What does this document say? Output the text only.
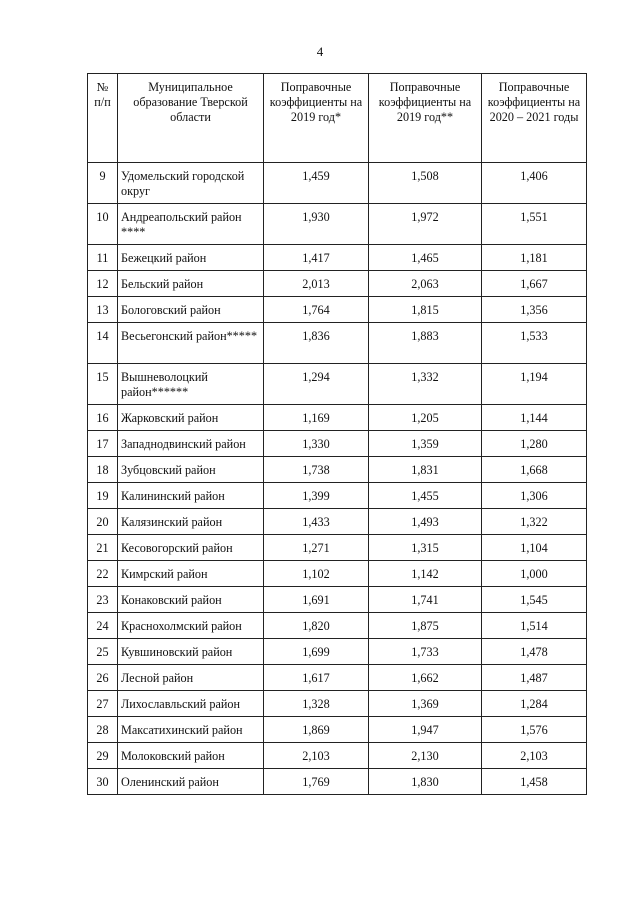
4
№ п/п	Муниципальное образование Тверской области	Поправочные коэффициенты на 2019 год*	Поправочные коэффициенты на 2019 год**	Поправочные коэффициенты на 2020 – 2021 годы
9	Удомельский городской округ	1,459	1,508	1,406
10	Андреапольский район ****	1,930	1,972	1,551
11	Бежецкий район	1,417	1,465	1,181
12	Бельский район	2,013	2,063	1,667
13	Бологовский район	1,764	1,815	1,356
14	Весьегонский район*****	1,836	1,883	1,533
15	Вышневолоцкий район******	1,294	1,332	1,194
16	Жарковский район	1,169	1,205	1,144
17	Западнодвинский район	1,330	1,359	1,280
18	Зубцовский район	1,738	1,831	1,668
19	Калининский район	1,399	1,455	1,306
20	Калязинский район	1,433	1,493	1,322
21	Кесовогорский район	1,271	1,315	1,104
22	Кимрский район	1,102	1,142	1,000
23	Конаковский район	1,691	1,741	1,545
24	Краснохолмский район	1,820	1,875	1,514
25	Кувшиновский район	1,699	1,733	1,478
26	Лесной район	1,617	1,662	1,487
27	Лихославльский район	1,328	1,369	1,284
28	Максатихинский район	1,869	1,947	1,576
29	Молоковский район	2,103	2,130	2,103
30	Оленинский район	1,769	1,830	1,458
